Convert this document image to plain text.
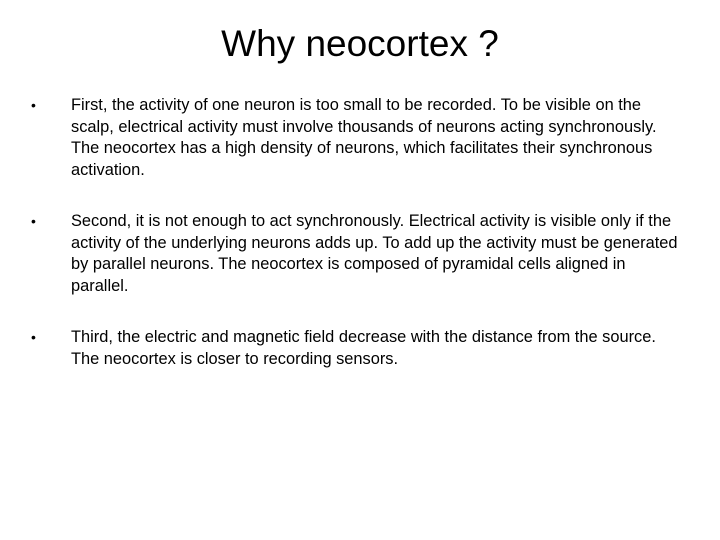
Why neocortex ?
• First, the activity of one neuron is too small to be recorded. To be visible on the scalp, electrical activity must involve thousands of neurons acting synchronously. The neocortex has a high density of neurons, which facilitates their synchronous activation.
• Second, it is not enough to act synchronously. Electrical activity is visible only if the activity of the underlying neurons adds up. To add up the activity must be generated by parallel neurons. The neocortex is composed of pyramidal cells aligned in parallel.
• Third, the electric and magnetic field decrease with the distance from the source. The neocortex is closer to recording sensors.
